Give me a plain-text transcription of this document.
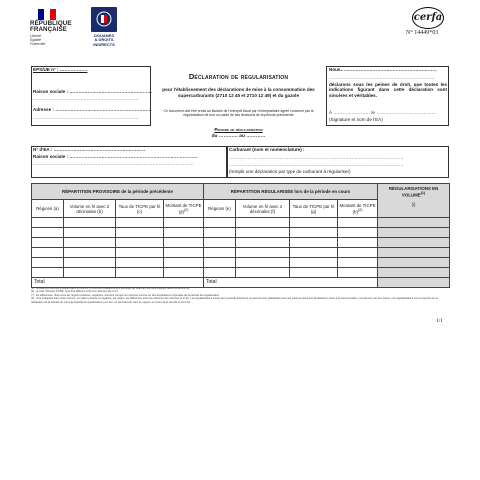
RÉPUBLIQUE
FRANÇAISE
Liberté
Égalité
Fraternité
DOUANES
& DROITS
INDIRECTS
cerfa
N° 14449*03
EPS/UE n° : ………………
Raison sociale : ………………………………………………
……………………………………………………………
Adresse : ………………………………………………………
……………………………………………………………
Déclaration de régularisation
pour l'établissement des déclarations de mise à la consommation des supercarburants (2710 12 45 et 2710 12 49) et du gazole
Ce document doit être remis au titulaire de l'entrepôt fiscal par l'entrepositaire agréé concerné par la régularisation de tout ou partie de ses livraisons de la période précédente
Nous………………………………………………………
……………………………………………………………
déclarons sous les peines de droit, que toutes les indications figurant dans cette déclaration sont sincères et véritables.
À …………………… le …………………………………
(Signature et nom de l'EA)
Période de régularisation
du ………… au …………
N° d'EA : ……………………………………………………
Raison sociale : …………………………………………………………………………
……………………………………………………………………………………………
Carburant (nom et nomenclature) :
……………………………………………………………………………………………………
……………………………………………………………………………………………………
(remplir une déclaration par type de carburant à régulariser)
RÉPARTITION PROVISOIRE de la période précédente				RÉPARTITION RÉGULARISÉE lors de la période en cours				RÉGULARISATIONS EN VOLUME$^{(1)}$

(i)
Régions (a)	Volume en hl avec 2 décimales (b)	Taux de TICPE par hl (c)	Montant de TICPE $(d)^{(2)}$	Régions (e)	Volume en hl avec 2 décimales (f)	Taux de TICPE par hl (g)	Montant de TICPE $(h)^{(2)}$

Total				Total				
(1) : la total des volumes indiqués dans la colonne (f) doit être obligatoirement identique au total des volumes indiqués dans la colonne (b).
(2) : le total "Montant TICPE" peut être différent entre les colonnes (d) et (h).
(*) : les différences, dues entre les régions positives, négatives, viennent corriger les volumes inscrits sur des déclarations régionales de la période de régularisation.
(3) : sont indiquées dans cette colonne, en valeur positive ou négative, par région, les différentes entre les colonnes des volumes (f) et (b). Les régularisations issues de la période antérieure ne peuvent être globalisées avec les volumes issus des déclarations mises à la consommation, compte tenu de leur nature, ces régularisations sont à reporter sur la déclaration de la période au cours de laquelle la régularisation a eu lieu, en précisant les taux en vigueur au cours de la période concernée.
1/1
